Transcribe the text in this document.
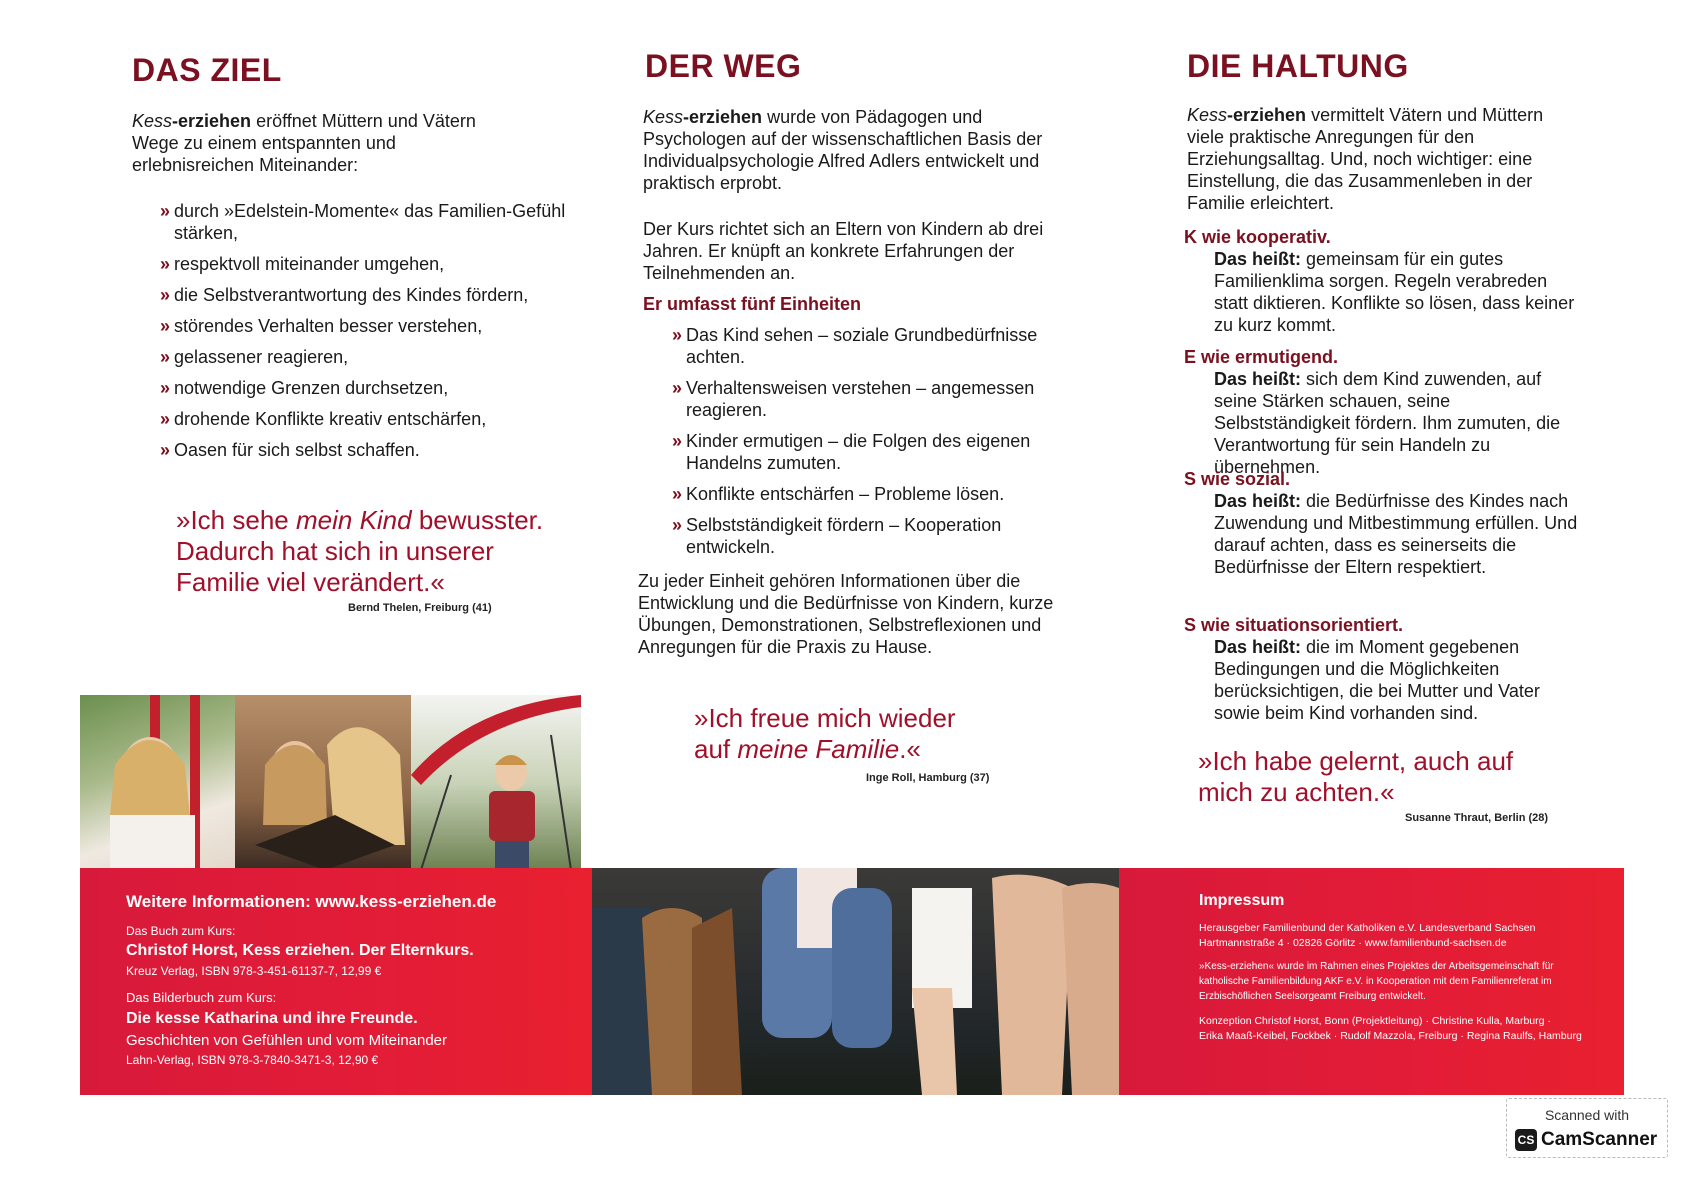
DAS ZIEL

Kess-erziehen eröffnet Müttern und Vätern Wege zu einem entspannten und erlebnisreichen Miteinander:

» durch »Edelstein-Momente« das Familien-Gefühl stärken,
» respektvoll miteinander umgehen,
» die Selbstverantwortung des Kindes fördern,
» störendes Verhalten besser verstehen,
» gelassener reagieren,
» notwendige Grenzen durchsetzen,
» drohende Konflikte kreativ entschärfen,
» Oasen für sich selbst schaffen.

»Ich sehe mein Kind bewusster. Dadurch hat sich in unserer Familie viel verändert.«

Bernd Thelen, Freiburg (41)

DER WEG

Kess-erziehen wurde von Pädagogen und Psychologen auf der wissenschaftlichen Basis der Individualpsychologie Alfred Adlers entwickelt und praktisch erprobt.

Der Kurs richtet sich an Eltern von Kindern ab drei Jahren. Er knüpft an konkrete Erfahrungen der Teilnehmenden an.

Er umfasst fünf Einheiten

» Das Kind sehen – soziale Grundbedürfnisse achten.
» Verhaltensweisen verstehen – angemessen reagieren.
» Kinder ermutigen – die Folgen des eigenen Handelns zumuten.
» Konflikte entschärfen – Probleme lösen.
» Selbstständigkeit fördern – Kooperation entwickeln.

Zu jeder Einheit gehören Informationen über die Entwicklung und die Bedürfnisse von Kindern, kurze Übungen, Demonstrationen, Selbstreflexionen und Anregungen für die Praxis zu Hause.

»Ich freue mich wieder auf meine Familie.«

Inge Roll, Hamburg (37)

DIE HALTUNG

Kess-erziehen vermittelt Vätern und Müttern viele praktische Anregungen für den Erziehungsalltag. Und, noch wichtiger: eine Einstellung, die das Zusammenleben in der Familie erleichtert.

K wie kooperativ.
Das heißt: gemeinsam für ein gutes Familienklima sorgen. Regeln verabreden statt diktieren. Konflikte so lösen, dass keiner zu kurz kommt.
E wie ermutigend.
Das heißt: sich dem Kind zuwenden, auf seine Stärken schauen, seine Selbstständigkeit fördern. Ihm zumuten, die Verantwortung für sein Handeln zu übernehmen.
S wie sozial.
Das heißt: die Bedürfnisse des Kindes nach Zuwendung und Mitbestimmung erfüllen. Und darauf achten, dass es seinerseits die Bedürfnisse der Eltern respektiert.
S wie situationsorientiert.
Das heißt: die im Moment gegebenen Bedingungen und die Möglichkeiten berücksichtigen, die bei Mutter und Vater sowie beim Kind vorhanden sind.

»Ich habe gelernt, auch auf mich zu achten.«

Susanne Thraut, Berlin (28)

Weitere Informationen: www.kess-erziehen.de

Das Buch zum Kurs:

Christof Horst, Kess erziehen. Der Elternkurs.

Kreuz Verlag, ISBN 978-3-451-61137-7, 12,99 €

Das Bilderbuch zum Kurs:

Die kesse Katharina und ihre Freunde.

Geschichten von Gefühlen und vom Miteinander

Lahn-Verlag, ISBN 978-3-7840-3471-3, 12,90 €

Impressum

Herausgeber Familienbund der Katholiken e.V. Landesverband Sachsen

Hartmannstraße 4 · 02826 Görlitz · www.familienbund-sachsen.de

»Kess-erziehen« wurde im Rahmen eines Projektes der Arbeitsgemeinschaft für

katholische Familienbildung AKF e.V. in Kooperation mit dem Familienreferat im

Erzbischöflichen Seelsorgeamt Freiburg entwickelt.

Konzeption Christof Horst, Bonn (Projektleitung) · Christine Kulla, Marburg ·

Erika Maaß-Keibel, Fockbek · Rudolf Mazzola, Freiburg · Regina Raulfs, Hamburg

Scanned with
CS CamScanner
